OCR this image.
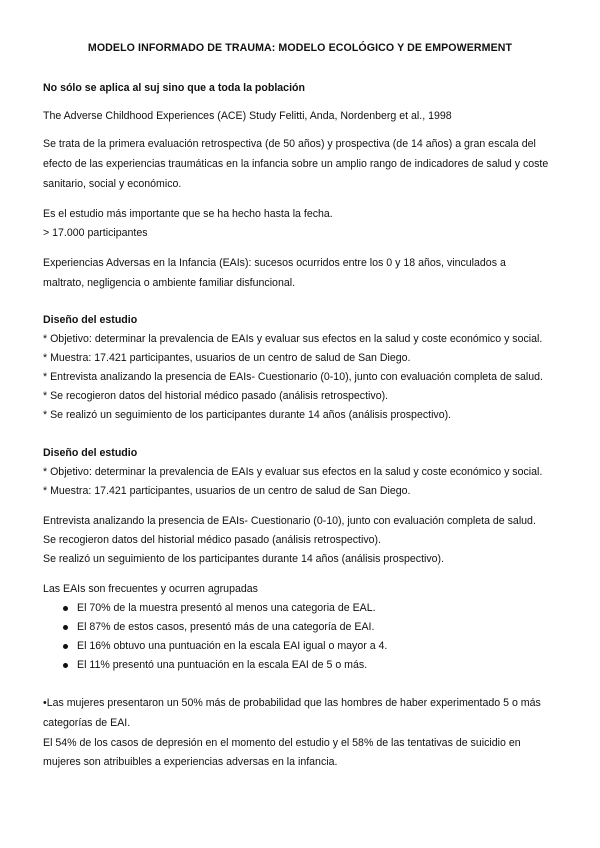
MODELO INFORMADO DE TRAUMA: MODELO ECOLÓGICO Y DE EMPOWERMENT
No sólo se aplica al suj sino que a toda la población
The Adverse Childhood Experiences (ACE) Study Felitti, Anda, Nordenberg et al., 1998
Se trata de la primera evaluación retrospectiva (de 50 años) y prospectiva (de 14 años) a gran escala del
efecto de las experiencias traumáticas en la infancia sobre un amplio rango de indicadores de salud y coste
sanitario, social y económico.
Es el estudio más importante que se ha hecho hasta la fecha.
> 17.000 participantes
Experiencias Adversas en la Infancia (EAIs): sucesos ocurridos entre los 0 y 18 años, vinculados a
maltrato, negligencia o ambiente familiar disfuncional.
Diseño del estudio
* Objetivo: determinar la prevalencia de EAIs y evaluar sus efectos en la salud y coste económico y social.
* Muestra: 17.421 participantes, usuarios de un centro de salud de San Diego.
* Entrevista analizando la presencia de EAIs- Cuestionario (0-10), junto con evaluación completa de salud.
* Se recogieron datos del historial médico pasado (análisis retrospectivo).
* Se realizó un seguimiento de los participantes durante 14 años (análisis prospectivo).
Diseño del estudio
* Objetivo: determinar la prevalencia de EAIs y evaluar sus efectos en la salud y coste económico y social.
* Muestra: 17.421 participantes, usuarios de un centro de salud de San Diego.
Entrevista analizando la presencia de EAIs- Cuestionario (0-10), junto con evaluación completa de salud.
Se recogieron datos del historial médico pasado (análisis retrospectivo).
Se realizó un seguimiento de los participantes durante 14 años (análisis prospectivo).
Las EAIs son frecuentes y ocurren agrupadas
El 70% de la muestra presentó al menos una categoria de EAL.
El 87% de estos casos, presentó más de una categoría de EAI.
El 16% obtuvo una puntuación en la escala EAI igual o mayor a 4.
El 11% presentó una puntuación en la escala EAI de 5 o más.
•Las mujeres presentaron un 50% más de probabilidad que las hombres de haber experimentado 5 o más
categorías de EAI.
El 54% de los casos de depresión en el momento del estudio y el 58% de las tentativas de suicidio en
mujeres son atribuibles a experiencias adversas en la infancia.
